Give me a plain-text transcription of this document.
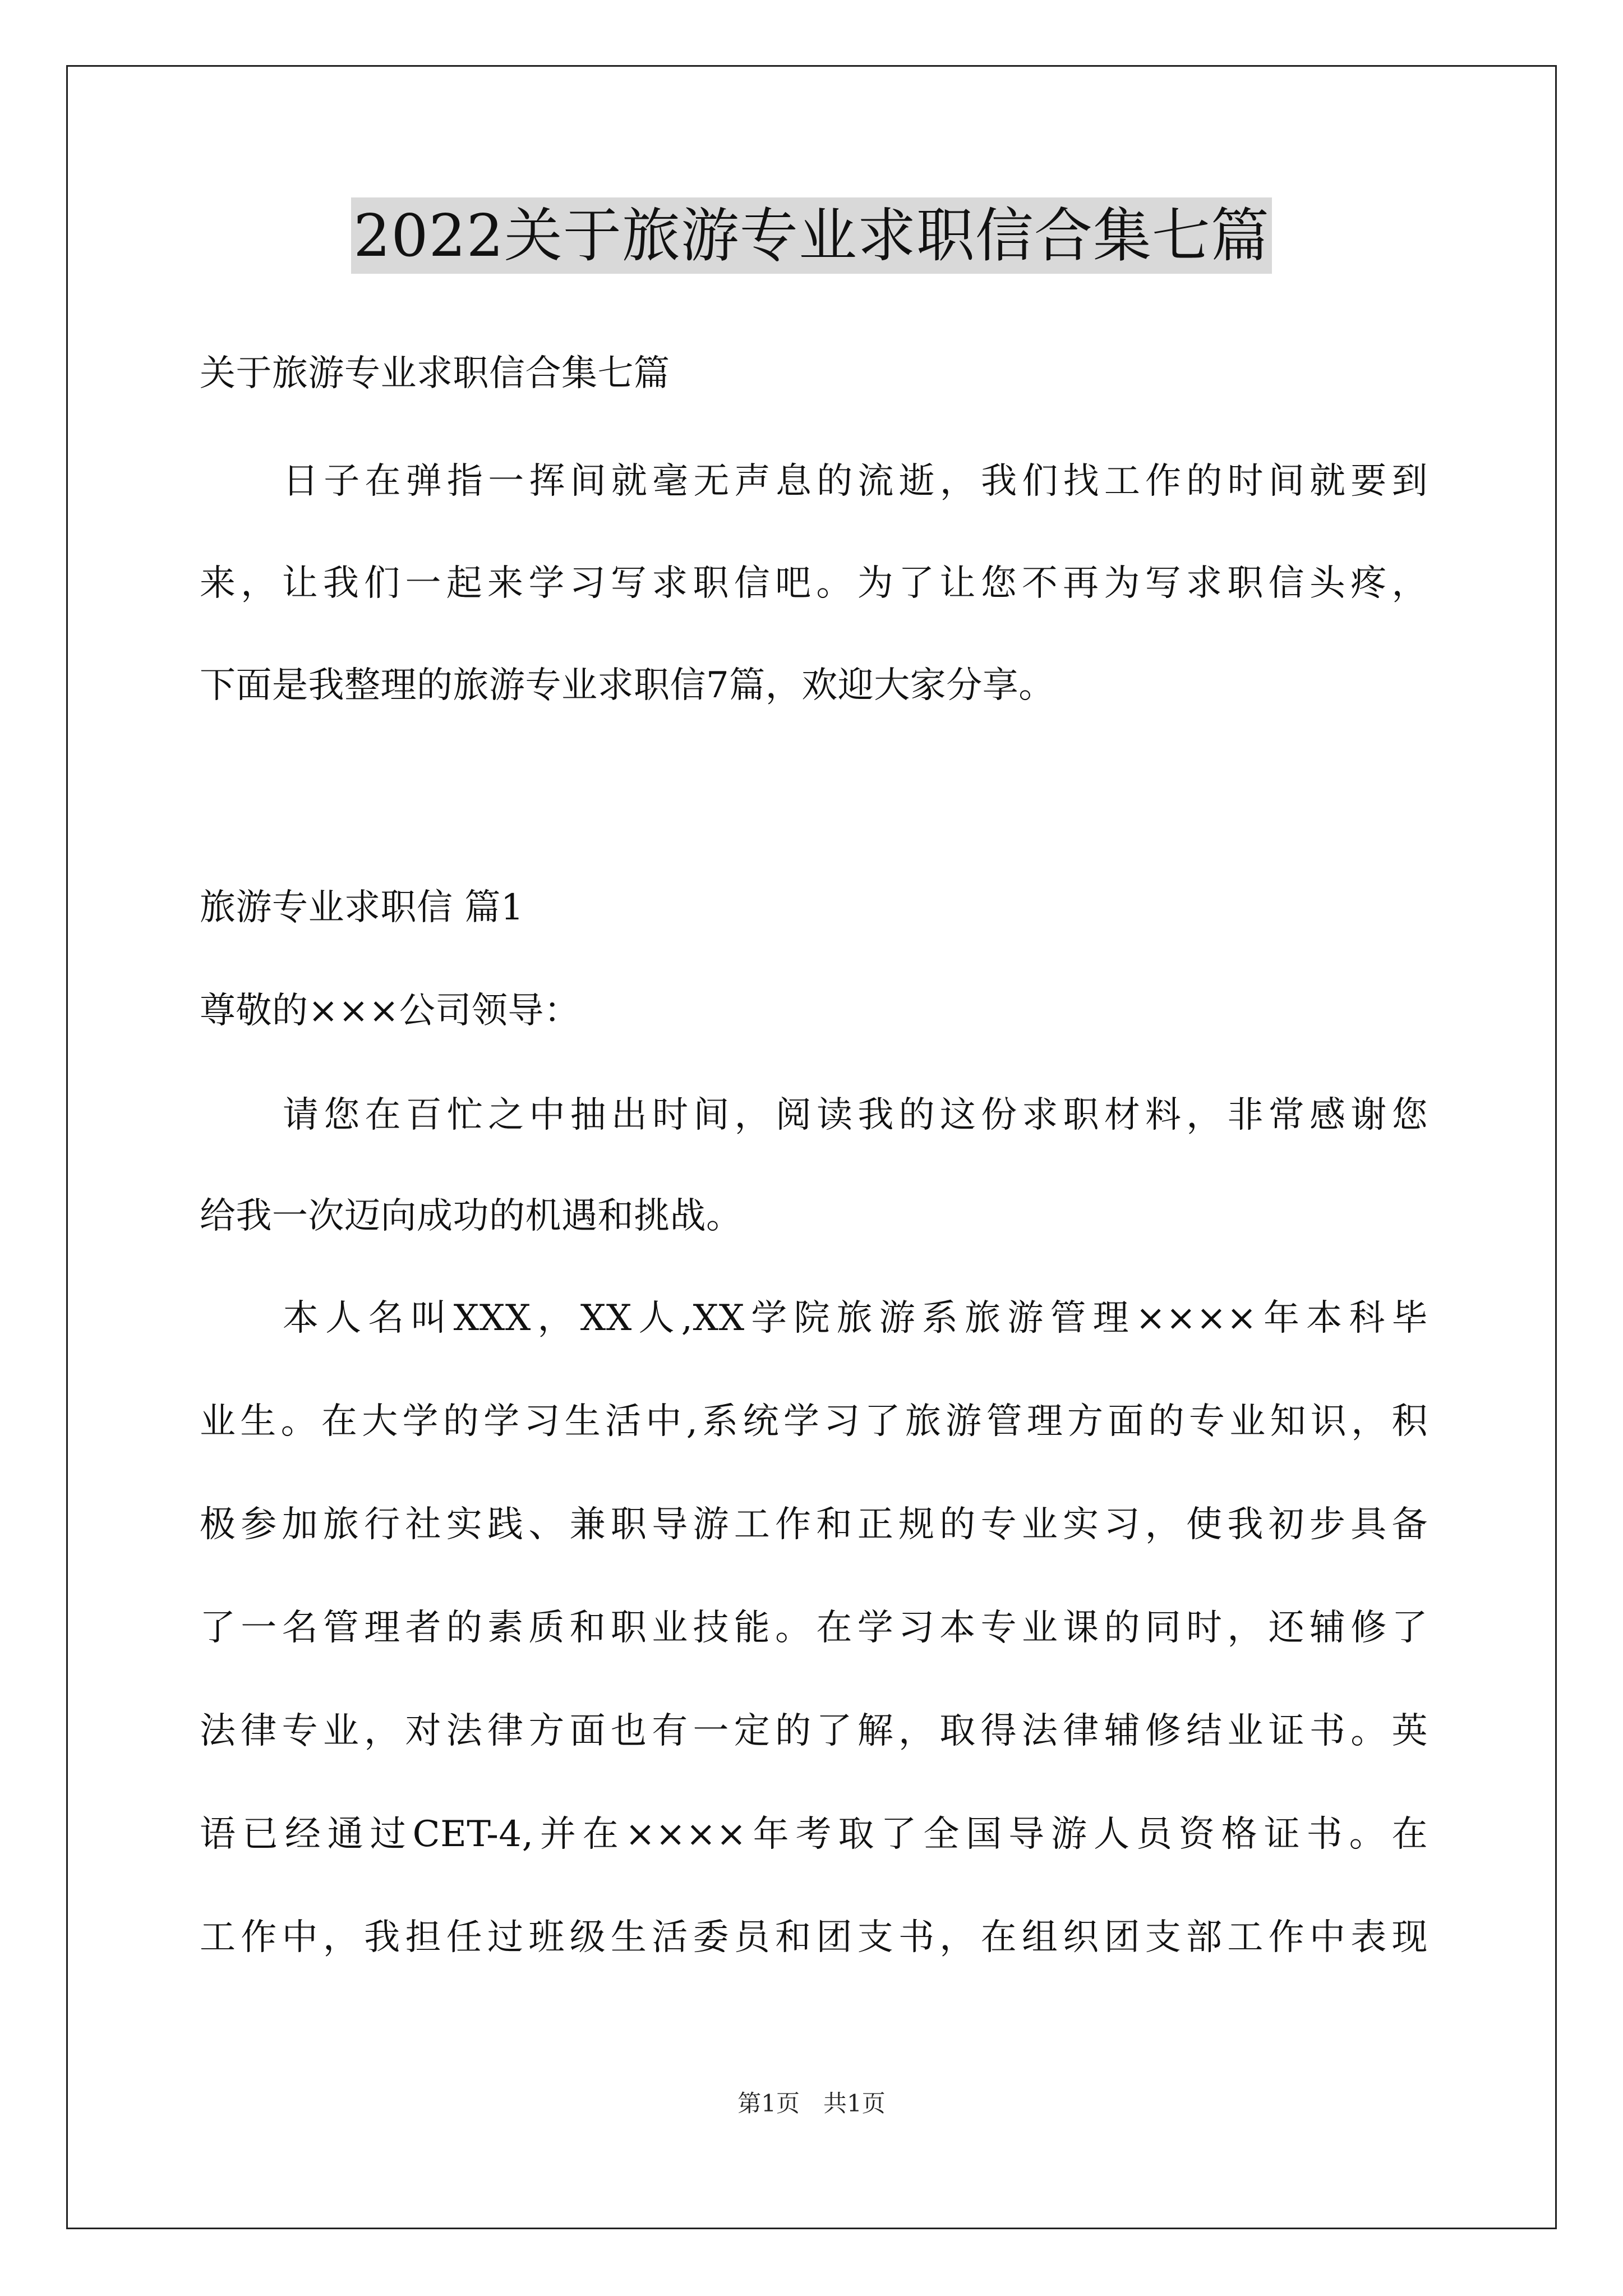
2022关于旅游专业求职信合集七篇
关于旅游专业求职信合集七篇
日子在弹指一挥间就毫无声息的流逝，我们找工作的时间就要到
来，让我们一起来学习写求职信吧。为了让您不再为写求职信头疼，
下面是我整理的旅游专业求职信7篇，欢迎大家分享。
旅游专业求职信 篇1
尊敬的×××公司领导：
请您在百忙之中抽出时间，阅读我的这份求职材料，非常感谢您
给我一次迈向成功的机遇和挑战。
本人名叫XXX，XX人,XX学院旅游系旅游管理××××年本科毕
业生。在大学的学习生活中,系统学习了旅游管理方面的专业知识，积
极参加旅行社实践、兼职导游工作和正规的专业实习，使我初步具备
了一名管理者的素质和职业技能。在学习本专业课的同时，还辅修了
法律专业，对法律方面也有一定的了解，取得法律辅修结业证书。英
语已经通过CET-4,并在××××年考取了全国导游人员资格证书。在
工作中，我担任过班级生活委员和团支书，在组织团支部工作中表现
第1页　共1页
